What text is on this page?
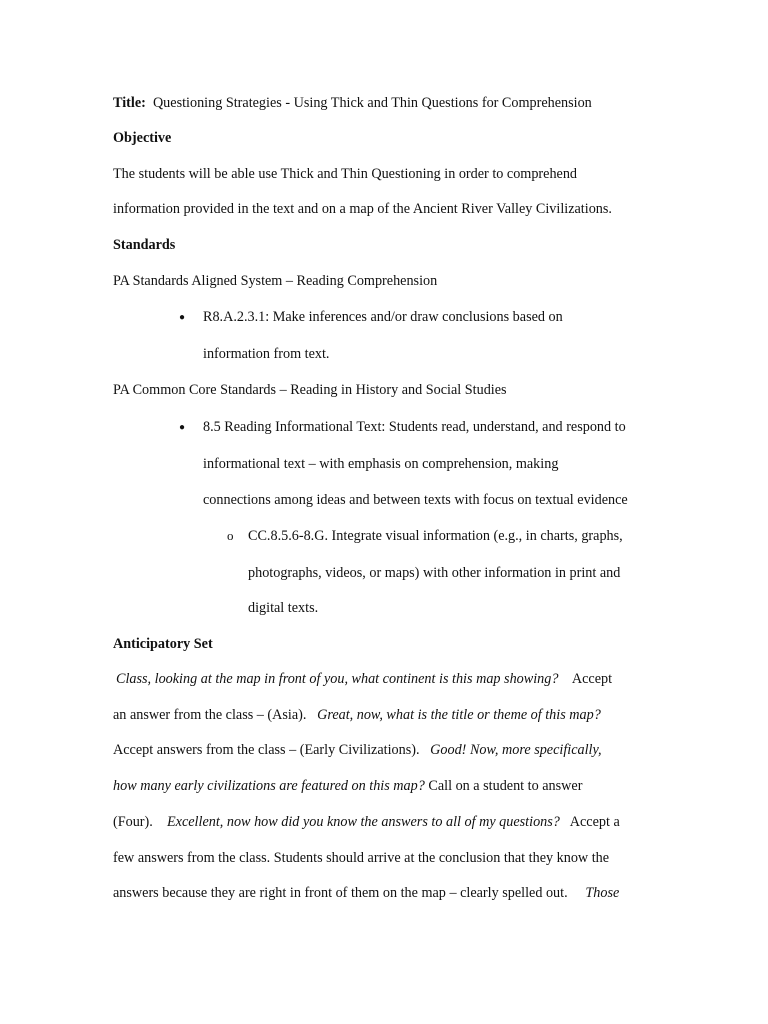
Title: Questioning Strategies - Using Thick and Thin Questions for Comprehension
Objective
The students will be able use Thick and Thin Questioning in order to comprehend
information provided in the text and on a map of the Ancient River Valley Civilizations.
Standards
PA Standards Aligned System – Reading Comprehension
● R8.A.2.3.1: Make inferences and/or draw conclusions based on
information from text.
PA Common Core Standards – Reading in History and Social Studies
● 8.5 Reading Informational Text: Students read, understand, and respond to
informational text – with emphasis on comprehension, making
connections among ideas and between texts with focus on textual evidence
o CC.8.5.6-8.G. Integrate visual information (e.g., in charts, graphs,
photographs, videos, or maps) with other information in print and
digital texts.
Anticipatory Set
Class, looking at the map in front of you, what continent is this map showing? Accept
an answer from the class – (Asia). Great, now, what is the title or theme of this map?
Accept answers from the class – (Early Civilizations). Good! Now, more specifically,
how many early civilizations are featured on this map? Call on a student to answer
(Four). Excellent, now how did you know the answers to all of my questions? Accept a
few answers from the class. Students should arrive at the conclusion that they know the
answers because they are right in front of them on the map – clearly spelled out. Those
